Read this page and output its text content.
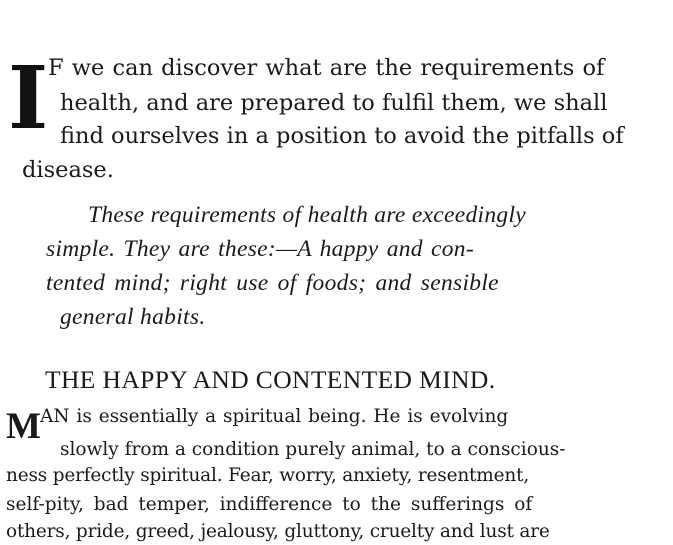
I F we can discover what are the requirements of
health, and are prepared to fulfil them, we shall
find ourselves in a position to avoid the pitfalls of
disease.
These requirements of health are exceedingly
simple. They are these:—A happy and con-
tented mind; right use of foods; and sensible
general habits.
THE HAPPY AND CONTENTED MIND.
M AN is essentially a spiritual being. He is evolving
slowly from a condition purely animal, to a conscious-
ness perfectly spiritual. Fear, worry, anxiety, resentment,
self-pity, bad temper, indifference to the sufferings of
others, pride, greed, jealousy, gluttony, cruelty and lust are
